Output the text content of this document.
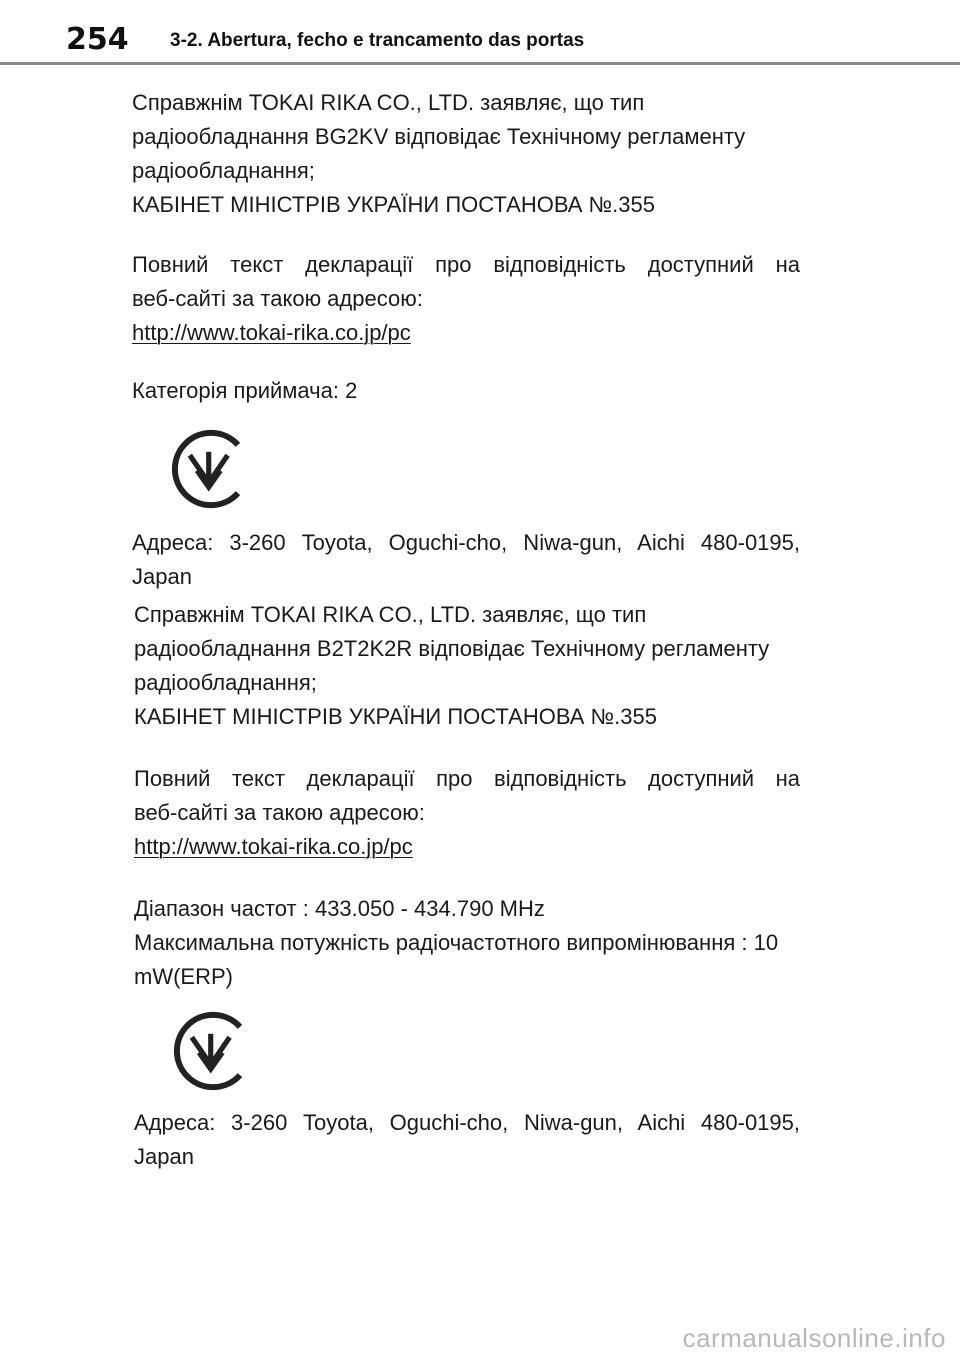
254 3-2. Abertura, fecho e trancamento das portas
Справжнім TOKAI RIKA CO., LTD. заявляє, що тип
радіообладнання BG2KV відповідає Технічному регламенту
радіообладнання;
КАБІНЕТ МІНІСТРІВ УКРАЇНИ ПОСТАНОВА №.355
Повний текст декларації про відповідність доступний на
веб-сайті за такою адресою:
http://www.tokai-rika.co.jp/pc
Категорія приймача: 2
Адреса: 3-260 Toyota, Oguchi-cho, Niwa-gun, Aichi 480-0195,
Japan
Справжнім TOKAI RIKA CO., LTD. заявляє, що тип
радіообладнання B2T2K2R відповідає Технічному регламенту
радіообладнання;
КАБІНЕТ МІНІСТРІВ УКРАЇНИ ПОСТАНОВА №.355
Повний текст декларації про відповідність доступний на
веб-сайті за такою адресою:
http://www.tokai-rika.co.jp/pc
Діапазон частот : 433.050 - 434.790 MHz
Максимальна потужність радіочастотного випромінювання : 10
mW(ERP)
Адреса: 3-260 Toyota, Oguchi-cho, Niwa-gun, Aichi 480-0195,
Japan
carmanualsonline.info
